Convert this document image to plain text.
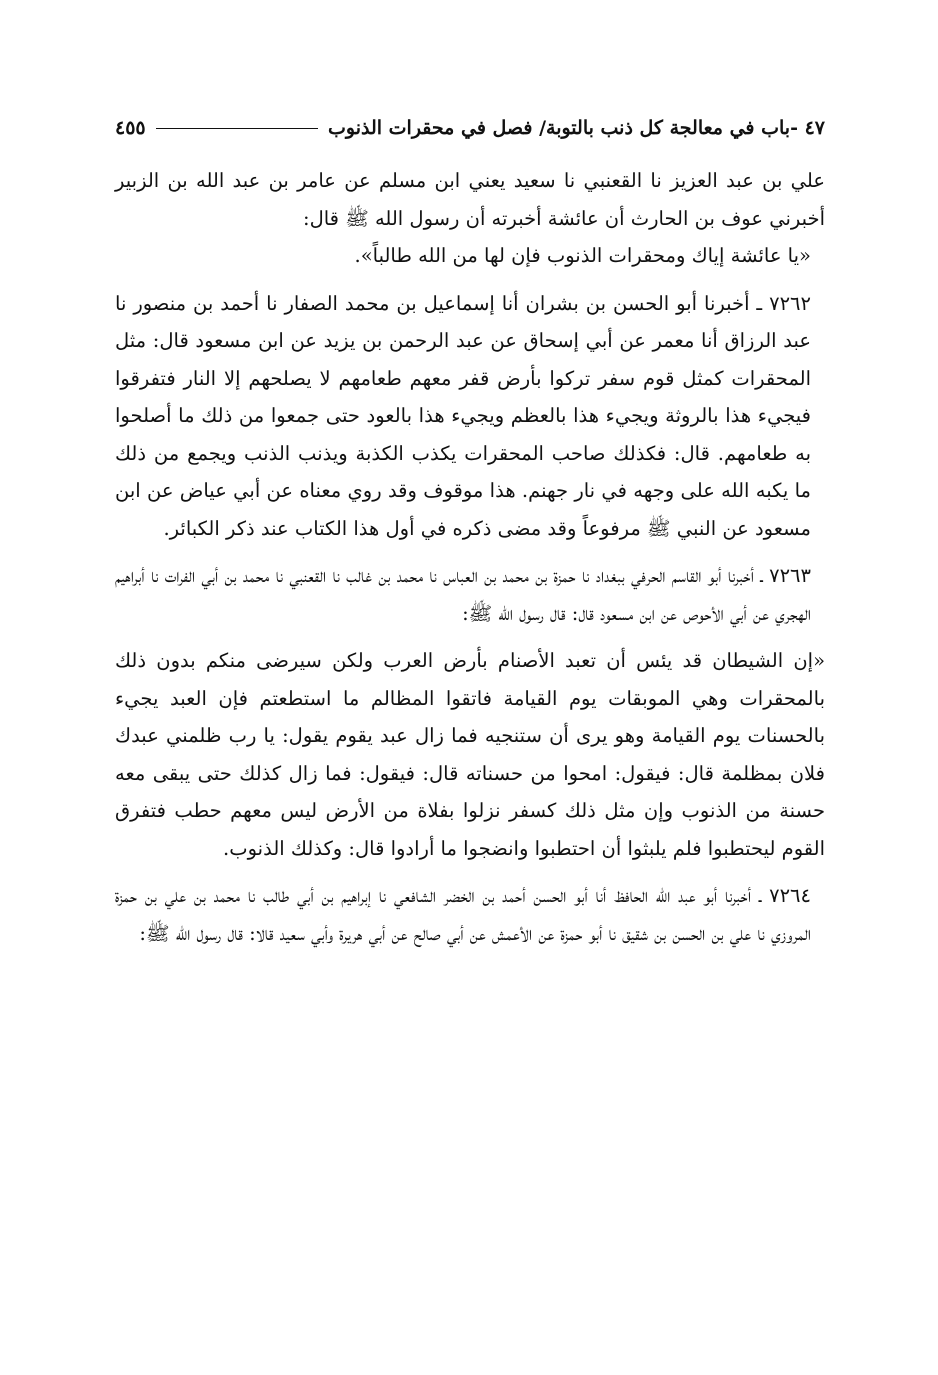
٤٧ -باب في معالجة كل ذنب بالتوبة/ فصل في محقرات الذنوب
٤٥٥

علي بن عبد العزيز نا القعنبي نا سعيد يعني ابن مسلم عن عامر بن عبد الله بن الزبير أخبرني عوف بن الحارث أن عائشة أخبرته أن رسول الله ﷺ قال:

«يا عائشة إياك ومحقرات الذنوب فإن لها من الله طالباً».

٧٢٦٢ ـ أخبرنا أبو الحسن بن بشران أنا إسماعيل بن محمد الصفار نا أحمد بن منصور نا عبد الرزاق أنا معمر عن أبي إسحاق عن عبد الرحمن بن يزيد عن ابن مسعود قال: مثل المحقرات كمثل قوم سفر تركوا بأرض قفر معهم طعامهم لا يصلحهم إلا النار فتفرقوا فيجيء هذا بالروثة ويجيء هذا بالعظم ويجيء هذا بالعود حتى جمعوا من ذلك ما أصلحوا به طعامهم. قال: فكذلك صاحب المحقرات يكذب الكذبة ويذنب الذنب ويجمع من ذلك ما يكبه الله على وجهه في نار جهنم. هذا موقوف وقد روي معناه عن أبي عياض عن ابن مسعود عن النبي ﷺ مرفوعاً وقد مضى ذكره في أول هذا الكتاب عند ذكر الكبائر.

٧٢٦٣ ـ أخبرنا أبو القاسم الحرفي ببغداد نا حمزة بن محمد بن العباس نا محمد بن غالب نا القعنبي نا محمد بن أبي الفرات نا أبراهيم الهجري عن أبي الأحوص عن ابن مسعود قال: قال رسول الله ﷺ:

«إن الشيطان قد يئس أن تعبد الأصنام بأرض العرب ولكن سيرضى منكم بدون ذلك بالمحقرات وهي الموبقات يوم القيامة فاتقوا المظالم ما استطعتم فإن العبد يجيء بالحسنات يوم القيامة وهو يرى أن ستنجيه فما زال عبد يقوم يقول: يا رب ظلمني عبدك فلان بمظلمة قال: فيقول: امحوا من حسناته قال: فيقول: فما زال كذلك حتى يبقى معه حسنة من الذنوب وإن مثل ذلك كسفر نزلوا بفلاة من الأرض ليس معهم حطب فتفرق القوم ليحتطبوا فلم يلبثوا أن احتطبوا وانضجوا ما أرادوا قال: وكذلك الذنوب.

٧٢٦٤ ـ أخبرنا أبو عبد الله الحافظ أنا أبو الحسن أحمد بن الخضر الشافعي نا إبراهيم بن أبي طالب نا محمد بن علي بن حمزة المروزي نا علي بن الحسن بن شقيق نا أبو حمزة عن الأعمش عن أبي صالح عن أبي هريرة وأبي سعيد قالا: قال رسول الله ﷺ:
